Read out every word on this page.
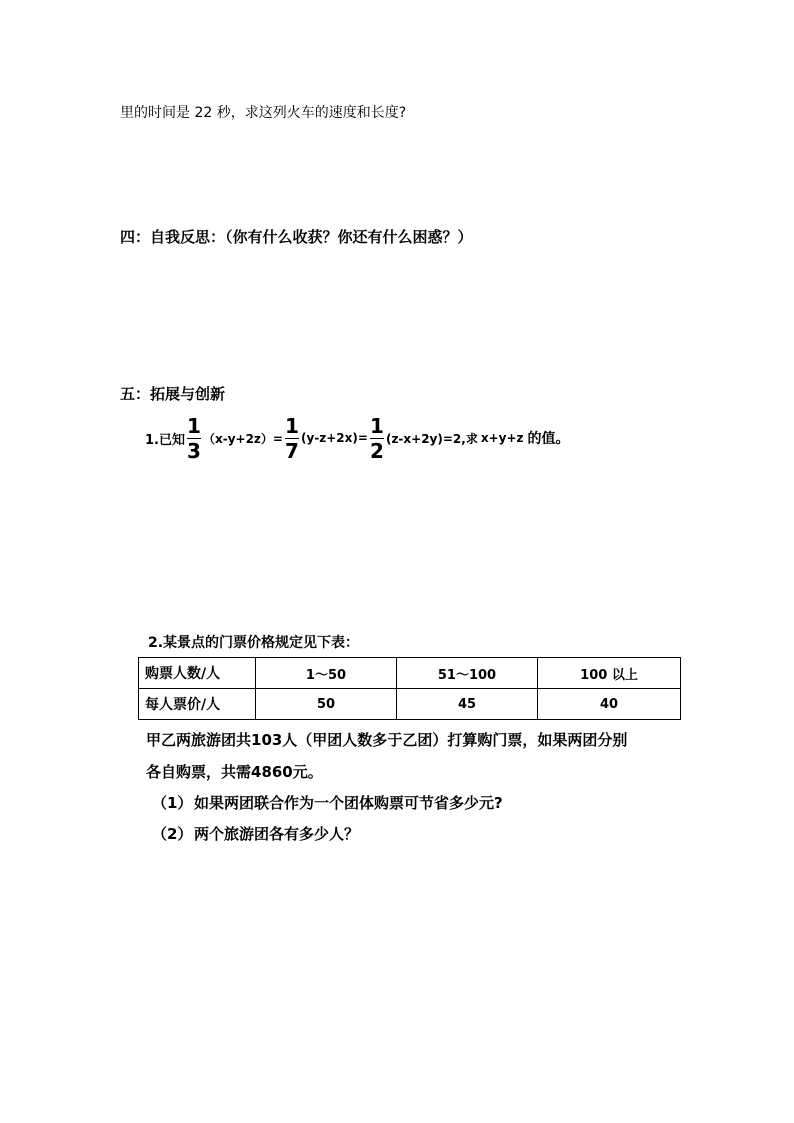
里的时间是 22 秒，求这列火车的速度和长度?
四：自我反思：（你有什么收获？你还有什么困惑？）
五：拓展与创新
1.已知 $\frac{1}{3} (x-y+2z)= \frac{1}{7} (y-z+2x)= \frac{1}{2} (z-x+2y)=2$,求 x+y+z 的值。
2.某景点的门票价格规定见下表：
购票人数/人	1～50	51～100	100 以上
每人票价/人	50	45	40
甲乙两旅游团共103人（甲团人数多于乙团）打算购门票，如果两团分别
各自购票，共需4860元。
（1） 如果两团联合作为一个团体购票可节省多少元?
（2） 两个旅游团各有多少人？
